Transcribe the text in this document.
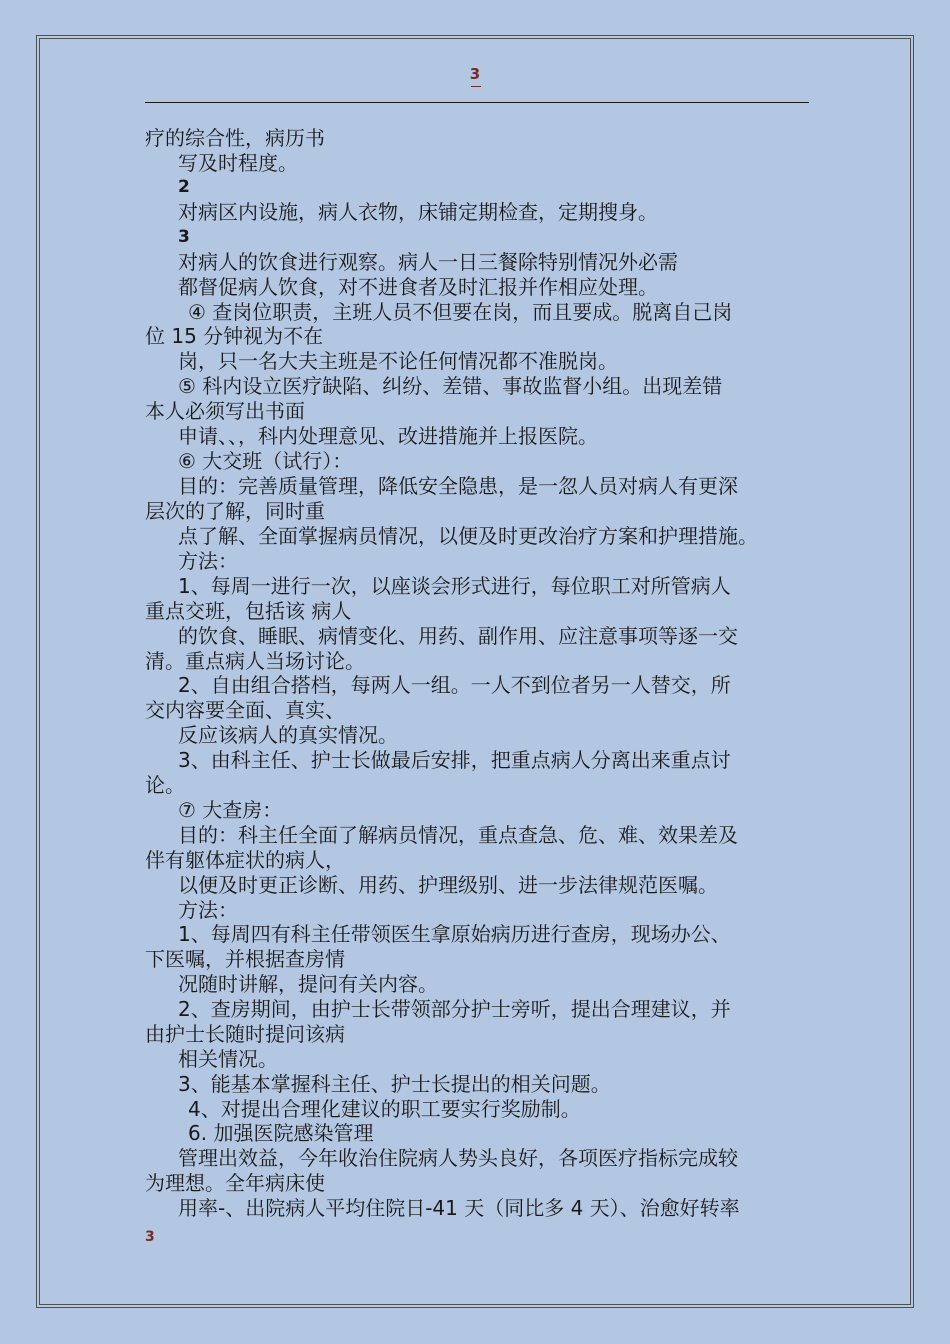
3
疗的综合性，病历书
写及时程度。
2
对病区内设施，病人衣物，床铺定期检查，定期搜身。
3
对病人的饮食进行观察。病人一日三餐除特别情况外必需
都督促病人饮食，对不进食者及时汇报并作相应处理。
④ 查岗位职责，主班人员不但要在岗，而且要成。脱离自己岗
位 15 分钟视为不在
岗，只一名大夫主班是不论任何情况都不准脱岗。
⑤ 科内设立医疗缺陷、纠纷、差错、事故监督小组。出现差错
本人必须写出书面
申请、、，科内处理意见、改进措施并上报医院。
⑥ 大交班（试行）：
目的：完善质量管理，降低安全隐患，是一忽人员对病人有更深
层次的了解，同时重
点了解、全面掌握病员情况，以便及时更改治疗方案和护理措施。
方法：
1、每周一进行一次，以座谈会形式进行，每位职工对所管病人
重点交班，包括该 病人
的饮食、睡眠、病情变化、用药、副作用、应注意事项等逐一交
清。重点病人当场讨论。
2、自由组合搭档，每两人一组。一人不到位者另一人替交，所
交内容要全面、真实、
反应该病人的真实情况。
3、由科主任、护士长做最后安排，把重点病人分离出来重点讨
论。
⑦ 大查房：
目的：科主任全面了解病员情况，重点查急、危、难、效果差及
伴有躯体症状的病人，
以便及时更正诊断、用药、护理级别、进一步法律规范医嘱。
方法：
1、每周四有科主任带领医生拿原始病历进行查房，现场办公、
下医嘱，并根据查房情
况随时讲解，提问有关内容。
2、查房期间，由护士长带领部分护士旁听，提出合理建议，并
由护士长随时提问该病
相关情况。
3、能基本掌握科主任、护士长提出的相关问题。
4、对提出合理化建议的职工要实行奖励制。
6. 加强医院感染管理
管理出效益，今年收治住院病人势头良好，各项医疗指标完成较
为理想。全年病床使
用率-、出院病人平均住院日-41 天（同比多 4 天）、治愈好转率
3
